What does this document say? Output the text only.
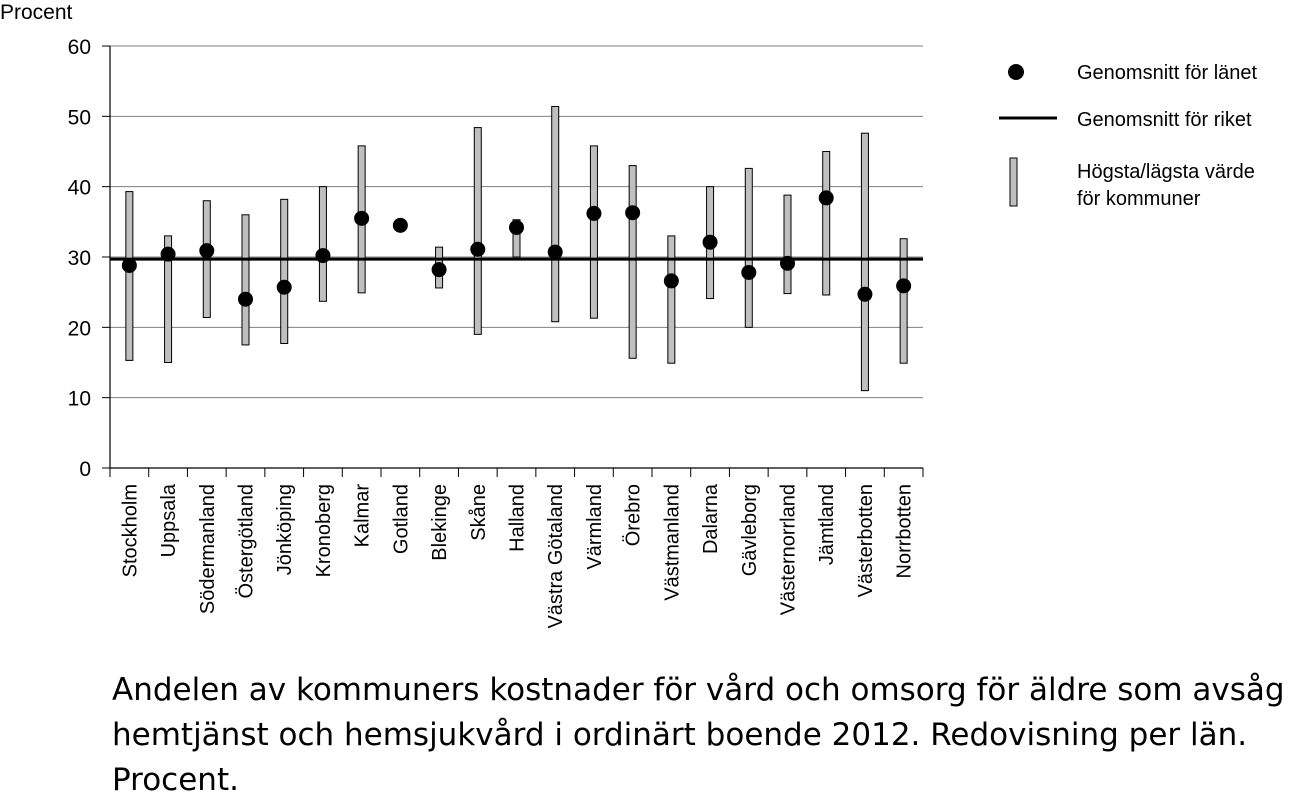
Procent
0
10
20
30
40
50
60
Stockholm Uppsala Södermanland Östergötland Jönköping Kronoberg Kalmar Gotland Blekinge Skåne Halland Västra Götaland Värmland Örebro Västmanland Dalarna Gävleborg Västernorrland Jämtland Västerbotten Norrbotten
Genomsnitt för länet
Genomsnitt för riket
Högsta/lägsta värde
för kommuner

Andelen av kommuners kostnader för vård och omsorg för äldre som avsåg hemtjänst och hemsjukvård i ordinärt boende 2012. Redovisning per län. Procent.
